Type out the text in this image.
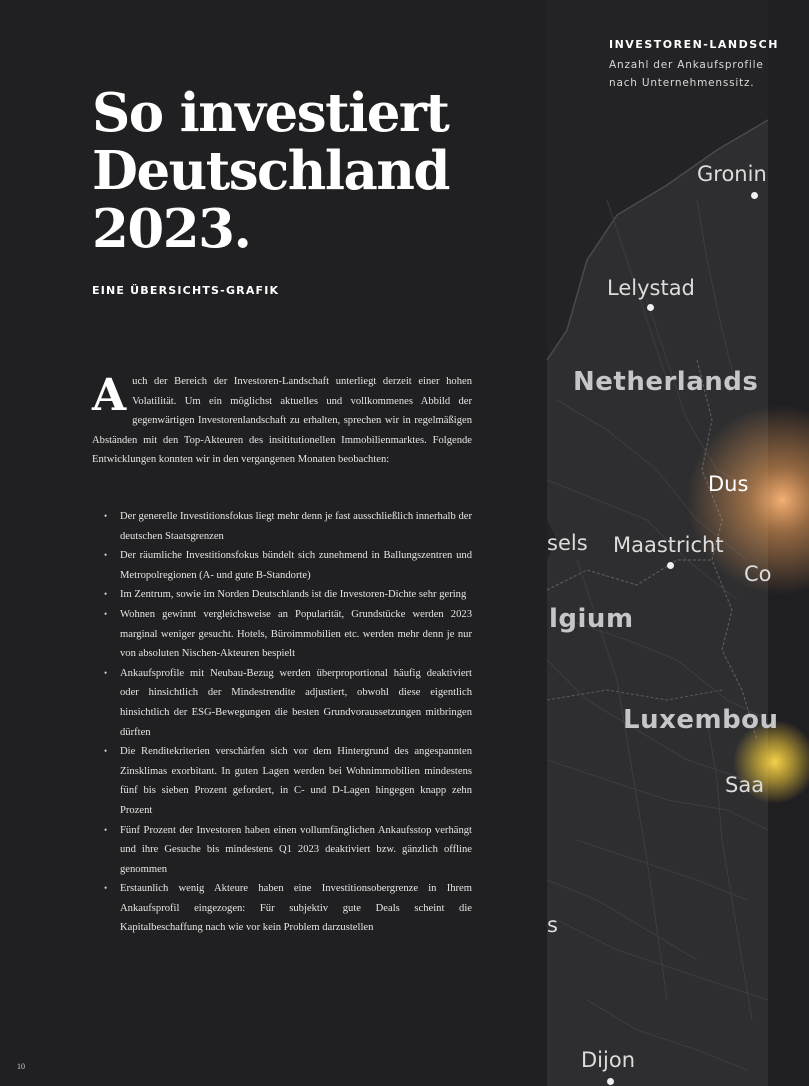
So investiert
Deutschland
2023.
EINE ÜBERSICHTS-GRAFIK
A uch der Bereich der Investoren-Landschaft unterliegt derzeit einer hohen Volatilität. Um ein möglichst aktuelles und vollkommenes Abbild der gegenwärtigen Investorenlandschaft zu erhalten, sprechen wir in regelmäßigen Abständen mit den Top-Akteuren des insititutionellen Immobilienmarktes. Folgende Entwicklungen konnten wir in den vergangenen Monaten beobachten:
• Der generelle Investitionsfokus liegt mehr denn je fast ausschließlich innerhalb der deutschen Staatsgrenzen
• Der räumliche Investitionsfokus bündelt sich zunehmend in Ballungszentren und Metropolregionen (A- und gute B-Standorte)
• Im Zentrum, sowie im Norden Deutschlands ist die Investoren-Dichte sehr gering
• Wohnen gewinnt vergleichsweise an Popularität, Grundstücke werden 2023 marginal weniger gesucht. Hotels, Büroimmobilien etc. werden mehr denn je nur von absoluten Nischen-Akteuren bespielt
• Ankaufsprofile mit Neubau-Bezug werden überproportional häufig deaktiviert oder hinsichtlich der Mindestrendite adjustiert, obwohl diese eigentlich hinsichtlich der ESG-Bewegungen die besten Grundvoraussetzungen mitbringen dürften
• Die Renditekriterien verschärfen sich vor dem Hintergrund des angespannten Zinsklimas exorbitant. In guten Lagen werden bei Wohnimmobilien mindestens fünf bis sieben Prozent gefordert, in C- und D-Lagen hingegen knapp zehn Prozent
• Fünf Prozent der Investoren haben einen vollumfänglichen Ankaufsstop verhängt und ihre Gesuche bis mindestens Q1 2023 deaktiviert bzw. gänzlich offline genommen
• Erstaunlich wenig Akteure haben eine Investitionsobergrenze in Ihrem Ankaufsprofil eingezogen: Für subjektiv gute Deals scheint die Kapitalbeschaffung nach wie vor kein Problem darzustellen
10
INVESTOREN-LANDSCH
Anzahl der Ankaufsprofile
nach Unternehmenssitz.
Gronin
Lelystad
Netherlands
Dus
sels Maastricht
Co
lgium
Luxembou
Saa
s
Dijon
